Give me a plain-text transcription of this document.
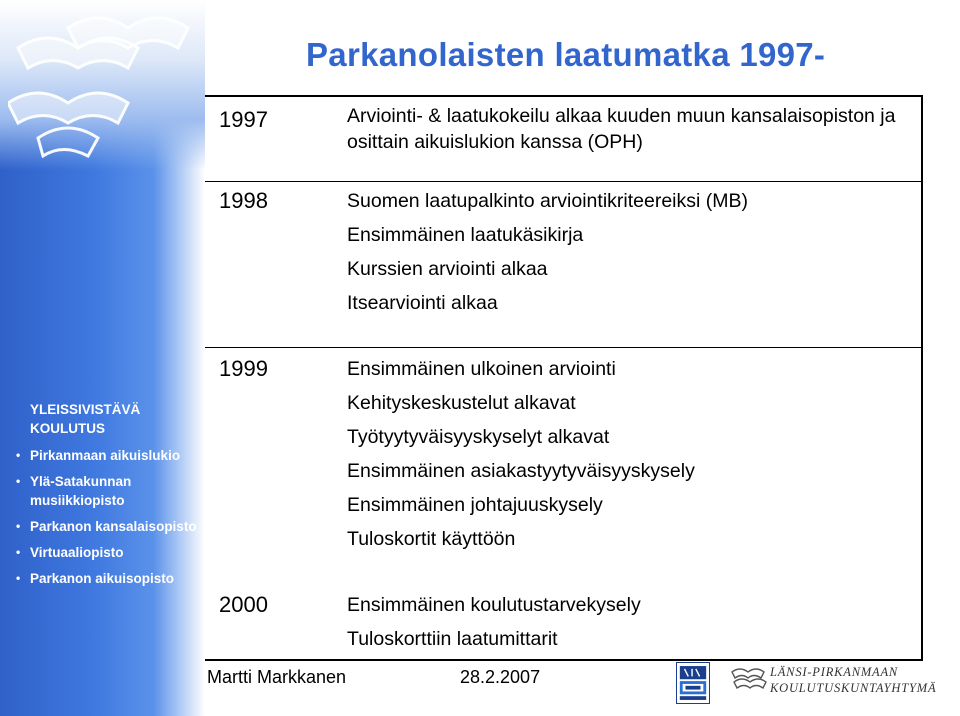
YLEISSIVISTÄVÄ KOULUTUS
• Pirkanmaan aikuislukio
• Ylä-Satakunnan musiikkiopisto
• Parkanon kansalaisopisto
• Virtuaaliopisto
• Parkanon aikuisopisto
Parkanolaisten laatumatka 1997-
1997	Arviointi- & laatukokeilu alkaa kuuden muun kansalaisopiston ja
osittain aikuislukion kanssa (OPH)
1998	Suomen laatupalkinto arviointikriteereiksi (MB)
Ensimmäinen laatukäsikirja
Kurssien arviointi alkaa
Itsearviointi alkaa
1999	Ensimmäinen ulkoinen arviointi
Kehityskeskustelut alkavat
Työtyytyväisyyskyselyt alkavat
Ensimmäinen asiakastyytyväisyyskysely
Ensimmäinen johtajuuskysely
Tuloskortit käyttöön
2000	Ensimmäinen koulutustarvekysely
Tuloskorttiin laatumittarit
Martti Markkanen	28.2.2007	LÄNSI-PIRKANMAAN
KOULUTUSKUNTAYHTYMÄ
